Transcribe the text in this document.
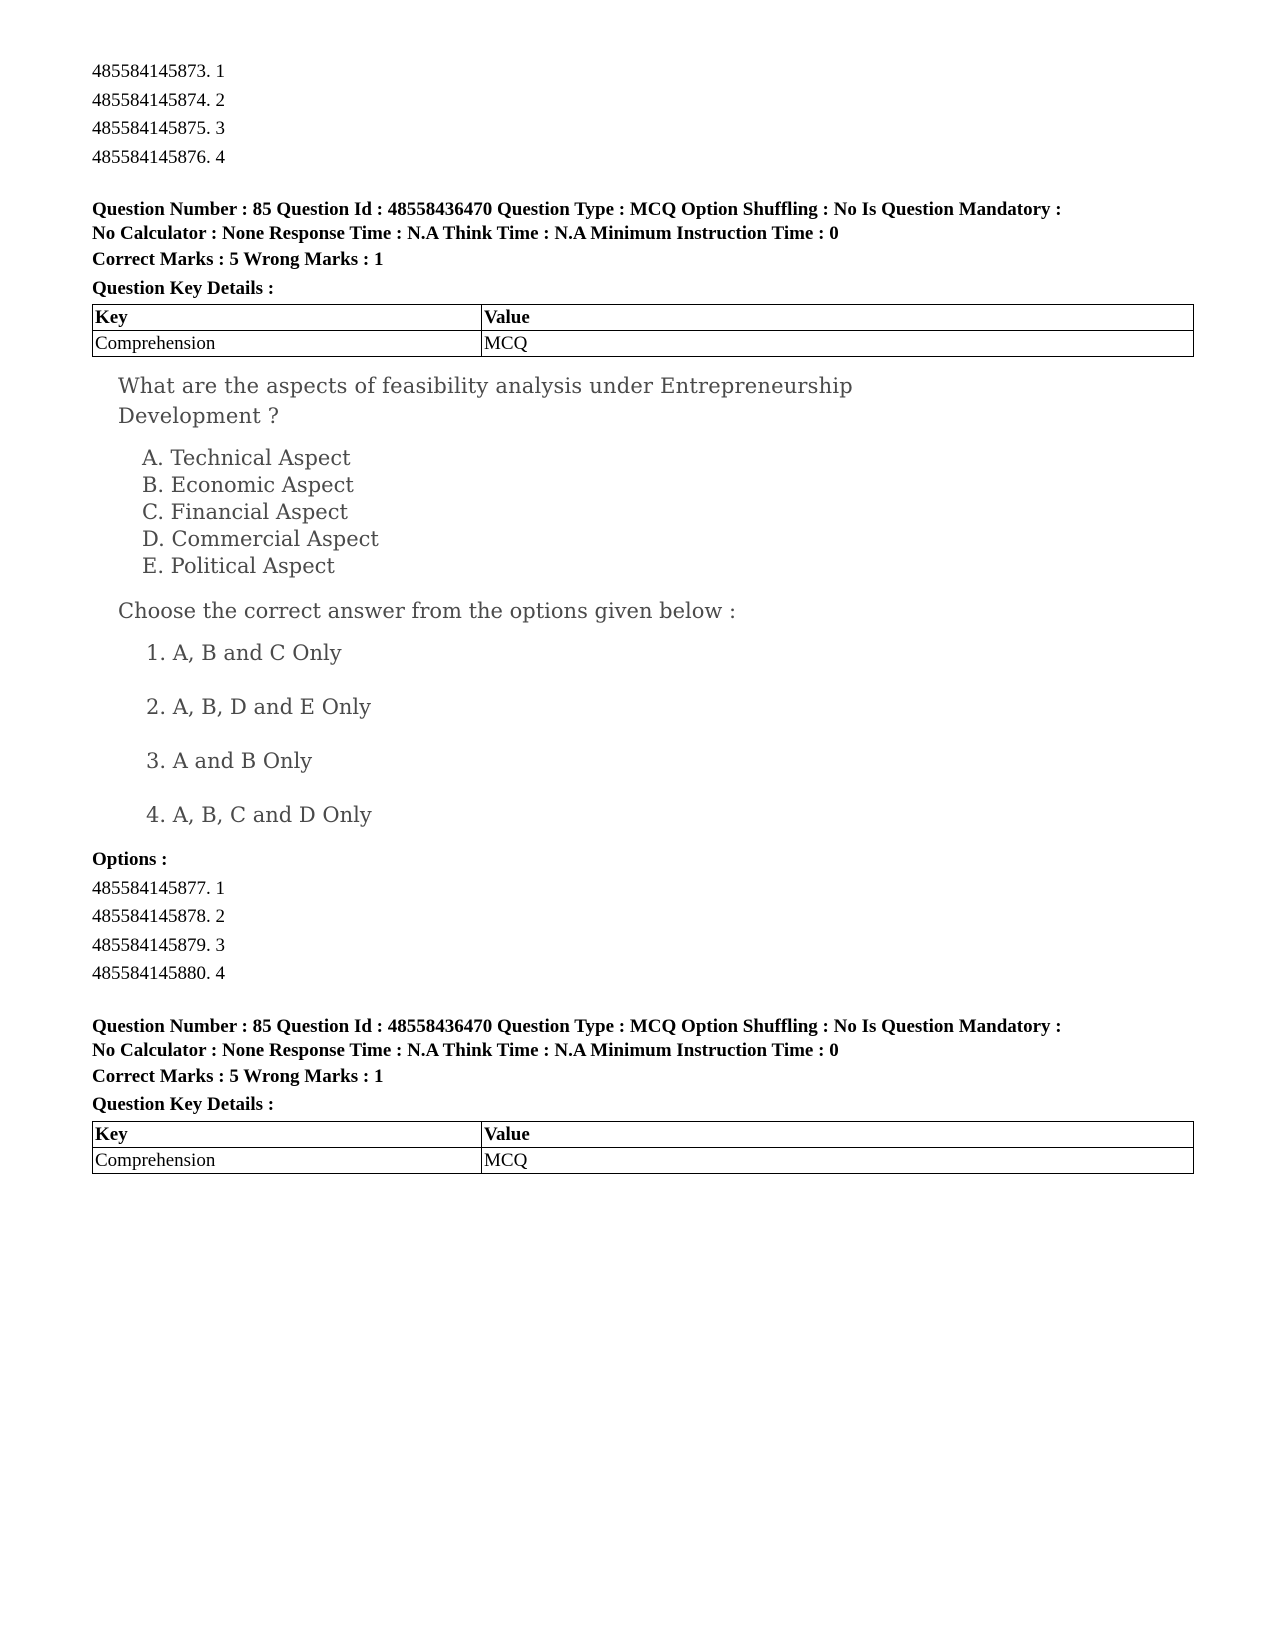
485584145873. 1
485584145874. 2
485584145875. 3
485584145876. 4
Question Number : 85 Question Id : 48558436470 Question Type : MCQ Option Shuffling : No Is Question Mandatory :
No Calculator : None Response Time : N.A Think Time : N.A Minimum Instruction Time : 0
Correct Marks : 5 Wrong Marks : 1
Question Key Details :
Key	Value
Comprehension	MCQ
What are the aspects of feasibility analysis under Entrepreneurship Development ?
A. Technical Aspect
B. Economic Aspect
C. Financial Aspect
D. Commercial Aspect
E. Political Aspect
Choose the correct answer from the options given below :
1. A, B and C Only
2. A, B, D and E Only
3. A and B Only
4. A, B, C and D Only
Options :
485584145877. 1
485584145878. 2
485584145879. 3
485584145880. 4
Question Number : 85 Question Id : 48558436470 Question Type : MCQ Option Shuffling : No Is Question Mandatory :
No Calculator : None Response Time : N.A Think Time : N.A Minimum Instruction Time : 0
Correct Marks : 5 Wrong Marks : 1
Question Key Details :
Key	Value
Comprehension	MCQ
